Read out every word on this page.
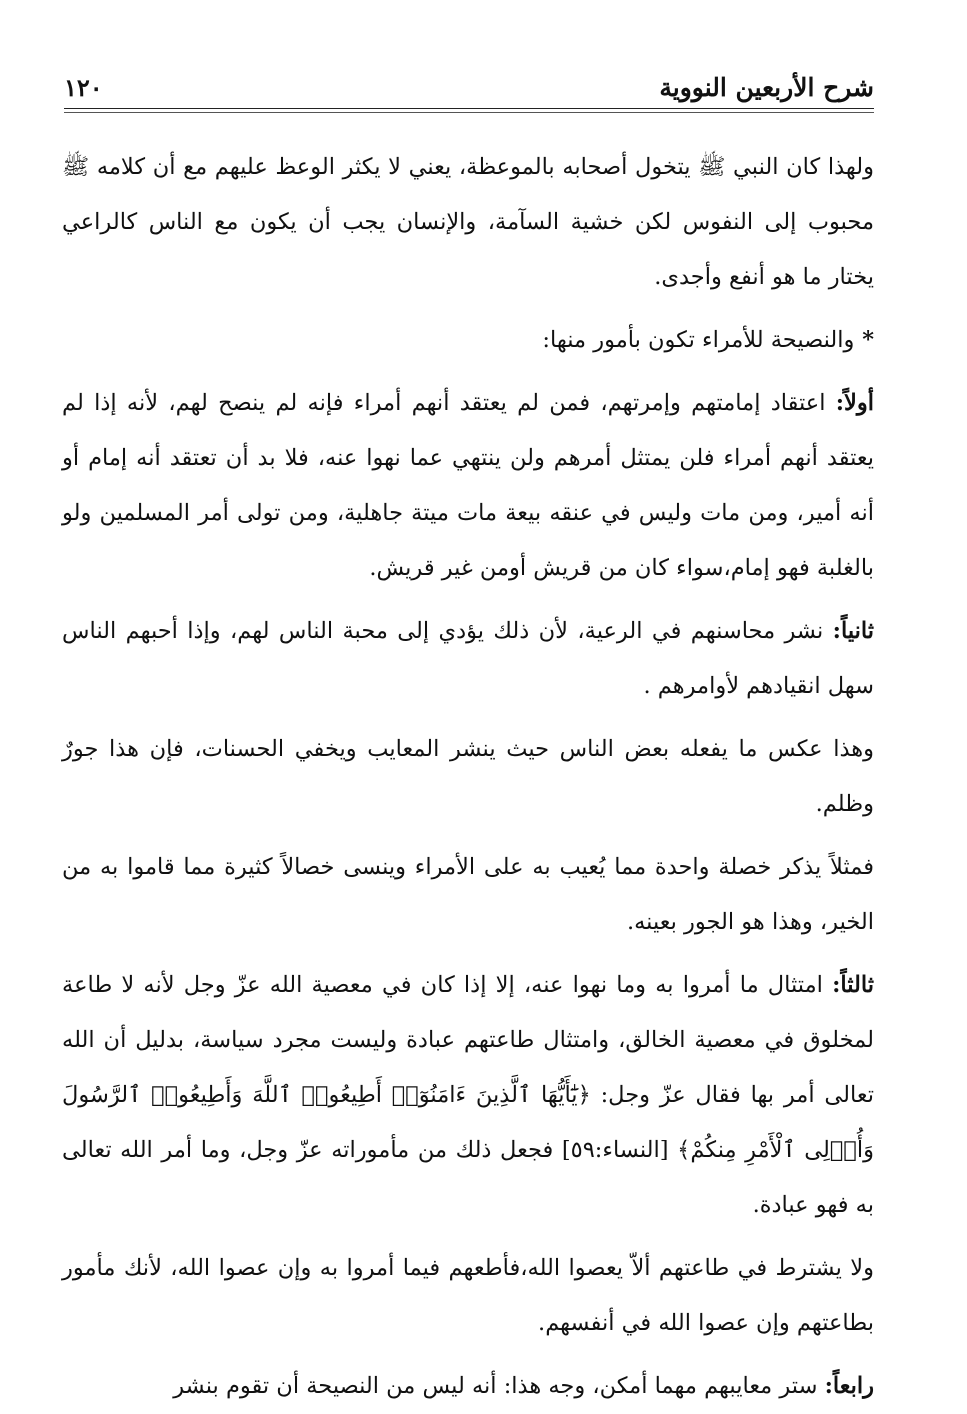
شرح الأربعين النووية
١٢٠

ولهذا كان النبي ﷺ يتخول أصحابه بالموعظة، يعني لا يكثر الوعظ عليهم مع أن كلامه ﷺ محبوب إلى النفوس لكن خشية السآمة، والإنسان يجب أن يكون مع الناس كالراعي يختار ما هو أنفع وأجدى.

* والنصيحة للأمراء تكون بأمور منها:

أولاً: اعتقاد إمامتهم وإمرتهم، فمن لم يعتقد أنهم أمراء فإنه لم ينصح لهم، لأنه إذا لم يعتقد أنهم أمراء فلن يمتثل أمرهم ولن ينتهي عما نهوا عنه، فلا بد أن تعتقد أنه إمام أو أنه أمير، ومن مات وليس في عنقه بيعة مات ميتة جاهلية، ومن تولى أمر المسلمين ولو بالغلبة فهو إمام،سواء كان من قريش أومن غير قريش.

ثانياً: نشر محاسنهم في الرعية، لأن ذلك يؤدي إلى محبة الناس لهم، وإذا أحبهم الناس سهل انقيادهم لأوامرهم .

وهذا عكس ما يفعله بعض الناس حيث ينشر المعايب ويخفي الحسنات، فإن هذا جورٌ وظلم.

فمثلاً يذكر خصلة واحدة مما يُعيب به على الأمراء وينسى خصالاً كثيرة مما قاموا به من الخير، وهذا هو الجور بعينه.

ثالثاً: امتثال ما أمروا به وما نهوا عنه، إلا إذا كان في معصية الله عزّ وجل لأنه لا طاعة لمخلوق في معصية الخالق، وامتثال طاعتهم عبادة وليست مجرد سياسة، بدليل أن الله تعالى أمر بها فقال عزّ وجل: ﴿يَٰٓأَيُّهَا ٱلَّذِينَ ءَامَنُوٓا۟ أَطِيعُوا۟ ٱللَّهَ وَأَطِيعُوا۟ ٱلرَّسُولَ وَأُو۟لِى ٱلْأَمْرِ مِنكُمْ﴾ [النساء:٥٩] فجعل ذلك من مأموراته عزّ وجل، وما أمر الله تعالى به فهو عبادة.

ولا يشترط في طاعتهم ألاّ يعصوا الله،فأطعهم فيما أمروا به وإن عصوا الله، لأنك مأمور بطاعتهم وإن عصوا الله في أنفسهم.

رابعاً: ستر معايبهم مهما أمكن، وجه هذا: أنه ليس من النصيحة أن تقوم بنشر
